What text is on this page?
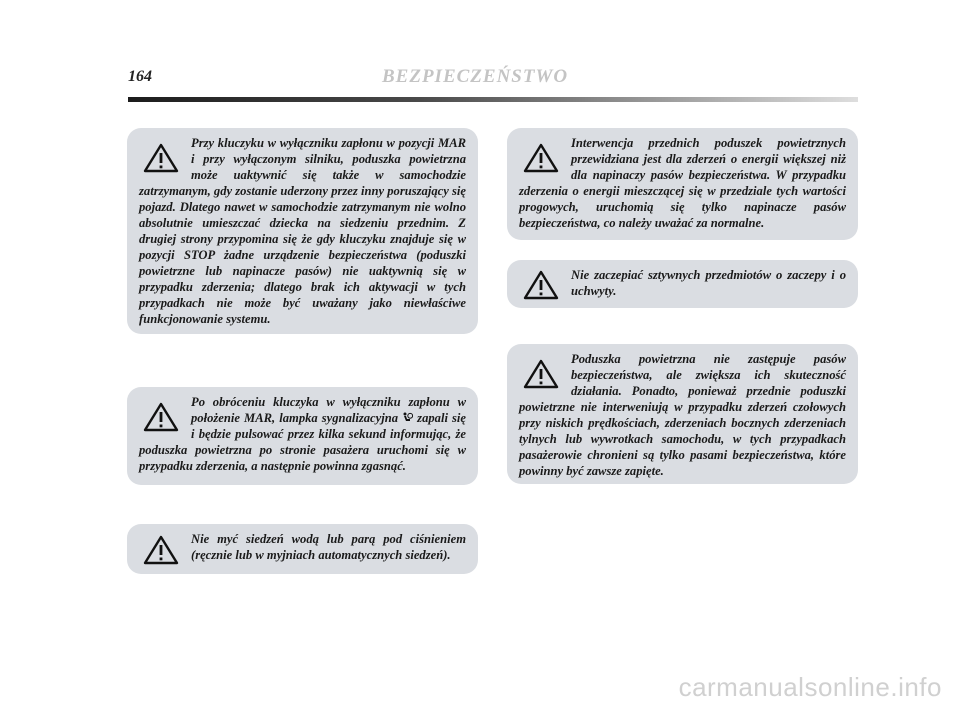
164	BEZPIECZEŃSTWO

Przy kluczyku w wyłączniku zapłonu w pozycji MAR i przy wyłączonym silniku, poduszka powietrzna może uaktywnić się także w samochodzie zatrzymanym, gdy zostanie uderzony przez inny poruszający się pojazd. Dlatego nawet w samochodzie zatrzymanym nie wolno absolutnie umieszczać dziecka na siedzeniu przednim. Z drugiej strony przypomina się że gdy kluczyku znajduje się w pozycji STOP żadne urządzenie bezpieczeństwa (poduszki powietrzne lub napinacze pasów) nie uaktywnią się w przypadku zderzenia; dlatego brak ich aktywacji w tych przypadkach nie może być uważany jako niewłaściwe funkcjonowanie systemu.

Po obróceniu kluczyka w wyłączniku zapłonu w położenie MAR, lampka sygnalizacyjna  zapali się i będzie pulsować przez kilka sekund informując, że poduszka powietrzna po stronie pasażera uruchomi się w przypadku zderzenia, a następnie powinna zgasnąć.

Nie myć siedzeń wodą lub parą pod ciśnieniem (ręcznie lub w myjniach automatycznych siedzeń).

Interwencja przednich poduszek powietrznych przewidziana jest dla zderzeń o energii większej niż dla napinaczy pasów bezpieczeństwa. W przypadku zderzenia o energii mieszczącej się w przedziale tych wartości progowych, uruchomią się tylko napinacze pasów bezpieczeństwa, co należy uważać za normalne.

Nie zaczepiać sztywnych przedmiotów o zaczepy i o uchwyty.

Poduszka powietrzna nie zastępuje pasów bezpieczeństwa, ale zwiększa ich skuteczność działania. Ponadto, ponieważ przednie poduszki powietrzne nie interweniują w przypadku zderzeń czołowych przy niskich prędkościach, zderzeniach bocznych zderzeniach tylnych lub wywrotkach samochodu, w tych przypadkach pasażerowie chronieni są tylko pasami bezpieczeństwa, które powinny być zawsze zapięte.

carmanualsonline.info
